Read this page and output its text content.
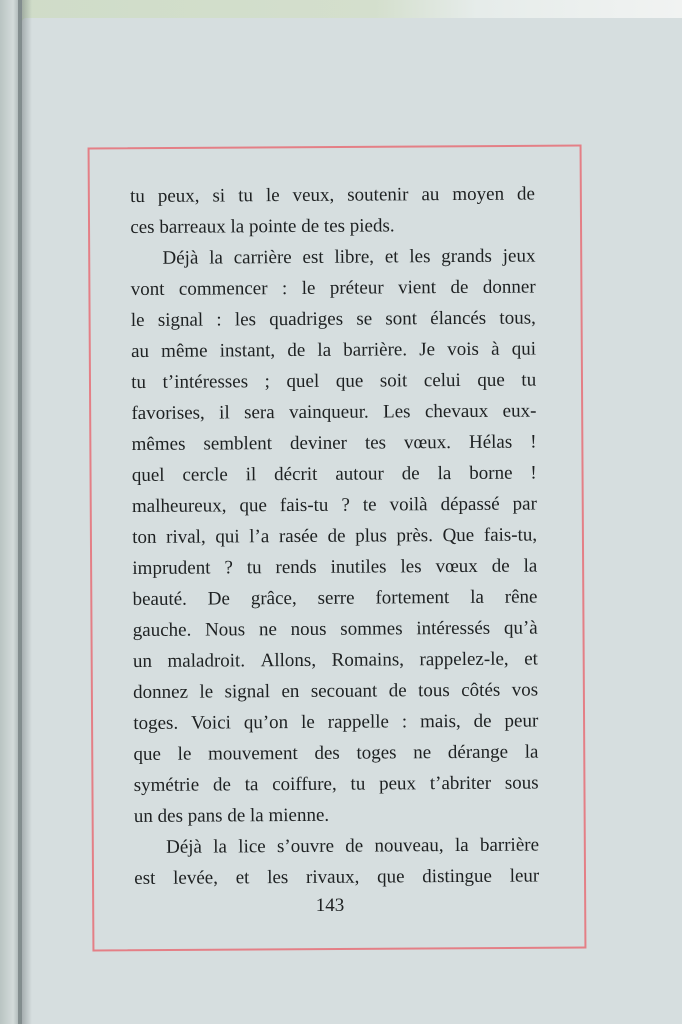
tu peux, si tu le veux, soutenir au moyen de
ces barreaux la pointe de tes pieds.
Déjà la carrière est libre, et les grands jeux
vont commencer : le préteur vient de donner
le signal : les quadriges se sont élancés tous,
au même instant, de la barrière. Je vois à qui
tu t’intéresses ; quel que soit celui que tu
favorises, il sera vainqueur. Les chevaux eux-
mêmes semblent deviner tes vœux. Hélas !
quel cercle il décrit autour de la borne !
malheureux, que fais-tu ? te voilà dépassé par
ton rival, qui l’a rasée de plus près. Que fais-tu,
imprudent ? tu rends inutiles les vœux de la
beauté. De grâce, serre fortement la rêne
gauche. Nous ne nous sommes intéressés qu’à
un maladroit. Allons, Romains, rappelez-le, et
donnez le signal en secouant de tous côtés vos
toges. Voici qu’on le rappelle : mais, de peur
que le mouvement des toges ne dérange la
symétrie de ta coiffure, tu peux t’abriter sous
un des pans de la mienne.
Déjà la lice s’ouvre de nouveau, la barrière
est levée, et les rivaux, que distingue leur
143
